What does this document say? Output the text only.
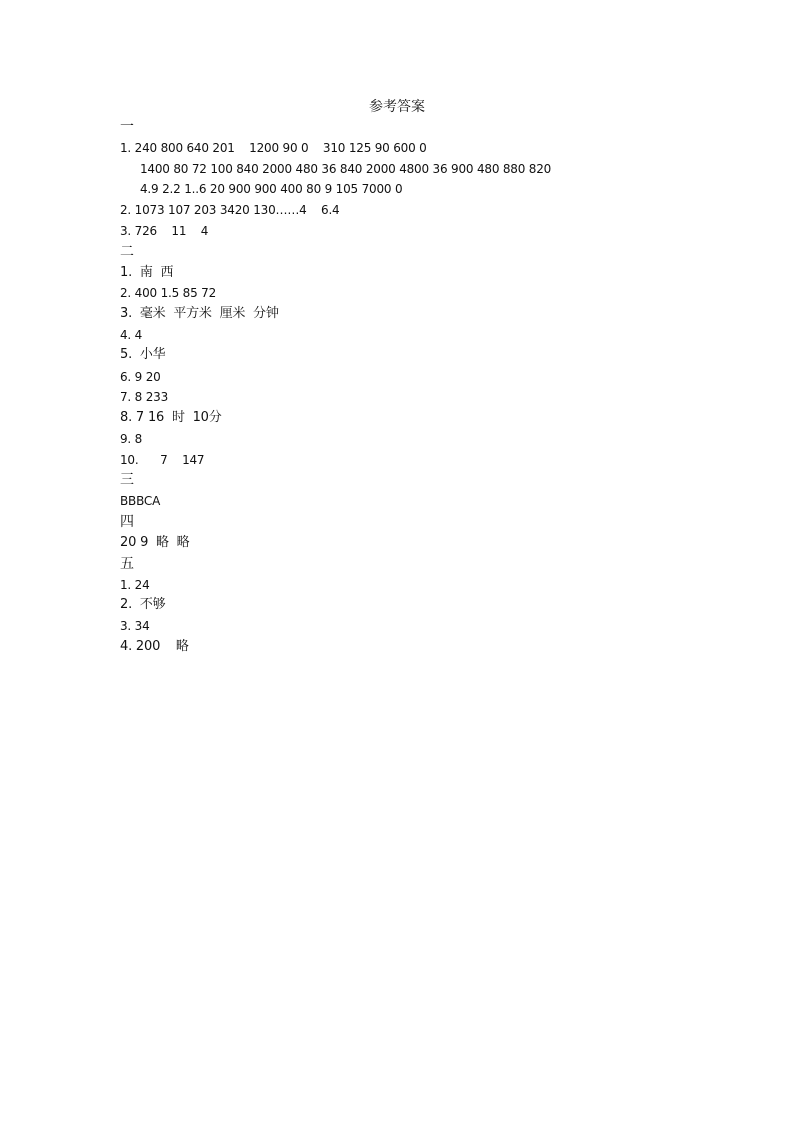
参考答案
一
1. 240 800 640 201    1200 90 0    310 125 90 600 0
1400 80 72 100 840 2000 480 36 840 2000 4800 36 900 480 880 820
4.9 2.2 1..6 20 900 900 400 80 9 105 7000 0
2. 1073 107 203 3420 130……4    6.4
3. 726    11    4
二
1.  南  西
2. 400 1.5 85 72
3.  毫米  平方米  厘米  分钟
4. 4
5.  小华
6. 9 20
7. 8 233
8. 7 16  时  10分
9. 8
10.      7    147
三
BBBCA
四
20 9  略  略
五
1. 24
2.  不够
3. 34
4. 200    略
